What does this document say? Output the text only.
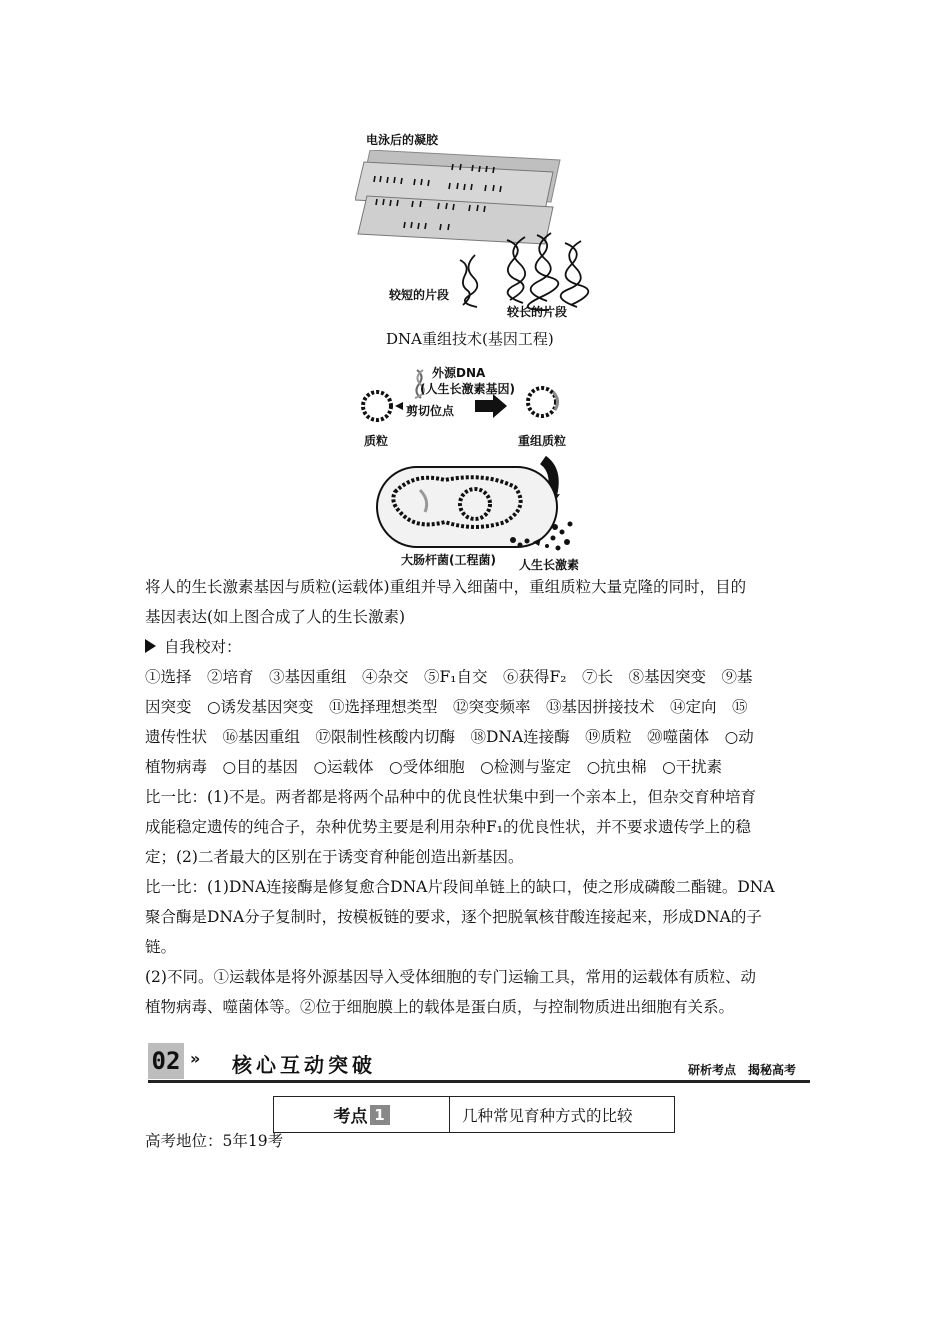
电泳后的凝胶
较短的片段
较长的片段
DNA重组技术(基因工程)
外源DNA
(人生长激素基因)
剪切位点
质粒	重组质粒
大肠杆菌(工程菌) 人生长激素

将人的生长激素基因与质粒(运载体)重组并导入细菌中，重组质粒大量克隆的同时，目的

基因表达(如上图合成了人的生长激素)

自我校对：

①选择　②培育　③基因重组　④杂交　⑤F₁自交　⑥获得F₂　⑦长　⑧基因突变　⑨基

因突变　○诱发基因突变　⑪选择理想类型　⑫突变频率　⑬基因拼接技术　⑭定向　⑮

遗传性状　⑯基因重组　⑰限制性核酸内切酶　⑱DNA连接酶　⑲质粒　⑳噬菌体　○动

植物病毒　○目的基因　○运载体　○受体细胞　○检测与鉴定　○抗虫棉　○干扰素

比一比：(1)不是。两者都是将两个品种中的优良性状集中到一个亲本上，但杂交育种培育

成能稳定遗传的纯合子，杂种优势主要是利用杂种F₁的优良性状，并不要求遗传学上的稳

定；(2)二者最大的区别在于诱变育种能创造出新基因。

比一比：(1)DNA连接酶是修复愈合DNA片段间单链上的缺口，使之形成磷酸二酯键。DNA

聚合酶是DNA分子复制时，按模板链的要求，逐个把脱氧核苷酸连接起来，形成DNA的子

链。

(2)不同。①运载体是将外源基因导入受体细胞的专门运输工具，常用的运载体有质粒、动

植物病毒、噬菌体等。②位于细胞膜上的载体是蛋白质，与控制物质进出细胞有关系。

02 » 核心互动突破	研析考点　揭秘高考
考点 1	几种常见育种方式的比较
高考地位：5年19考
